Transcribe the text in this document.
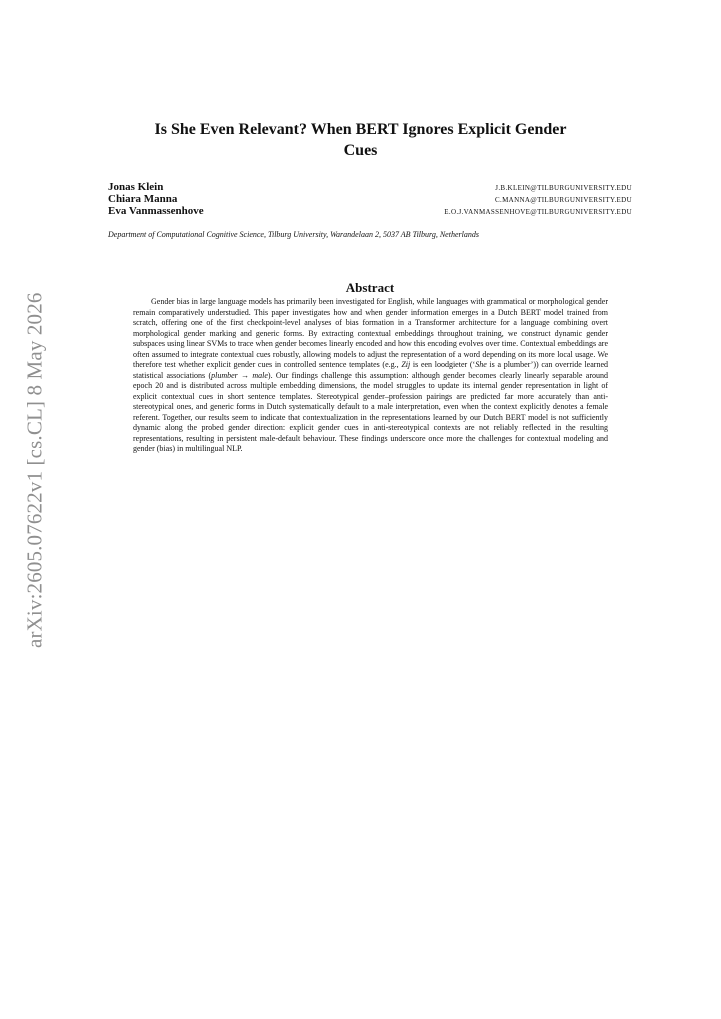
arXiv:2605.07622v1 [cs.CL] 8 May 2026
Is She Even Relevant? When BERT Ignores Explicit Gender
Cues
Jonas Klein	J.B.KLEIN@TILBURGUNIVERSITY.EDU
Chiara Manna	C.MANNA@TILBURGUNIVERSITY.EDU
Eva Vanmassenhove	E.O.J.VANMASSENHOVE@TILBURGUNIVERSITY.EDU

Department of Computational Cognitive Science, Tilburg University, Warandelaan 2, 5037 AB Tilburg, Netherlands

Abstract

Gender bias in large language models has primarily been investigated for English, while languages with grammatical or morphological gender remain comparatively understudied. This paper investigates how and when gender information emerges in a Dutch BERT model trained from scratch, offering one of the first checkpoint-level analyses of bias formation in a Transformer architecture for a language combining overt morphological gender marking and generic forms. By extracting contextual embeddings throughout training, we construct dynamic gender subspaces using linear SVMs to trace when gender becomes linearly encoded and how this encoding evolves over time. Contextual embeddings are often assumed to integrate contextual cues robustly, allowing models to adjust the representation of a word depending on its more local usage. We therefore test whether explicit gender cues in controlled sentence templates (e.g., Zij is een loodgieter (‘She is a plumber’)) can override learned statistical associations (plumber → male). Our findings challenge this assumption: although gender becomes clearly linearly separable around epoch 20 and is distributed across multiple embedding dimensions, the model struggles to update its internal gender representation in light of explicit contextual cues in short sentence templates. Stereotypical gender–profession pairings are predicted far more accurately than anti-stereotypical ones, and generic forms in Dutch systematically default to a male interpretation, even when the context explicitly denotes a female referent. Together, our results seem to indicate that contextualization in the representations learned by our Dutch BERT model is not sufficiently dynamic along the probed gender direction: explicit gender cues in anti-stereotypical contexts are not reliably reflected in the resulting representations, resulting in persistent male-default behaviour. These findings underscore once more the challenges for contextual modeling and gender (bias) in multilingual NLP.
